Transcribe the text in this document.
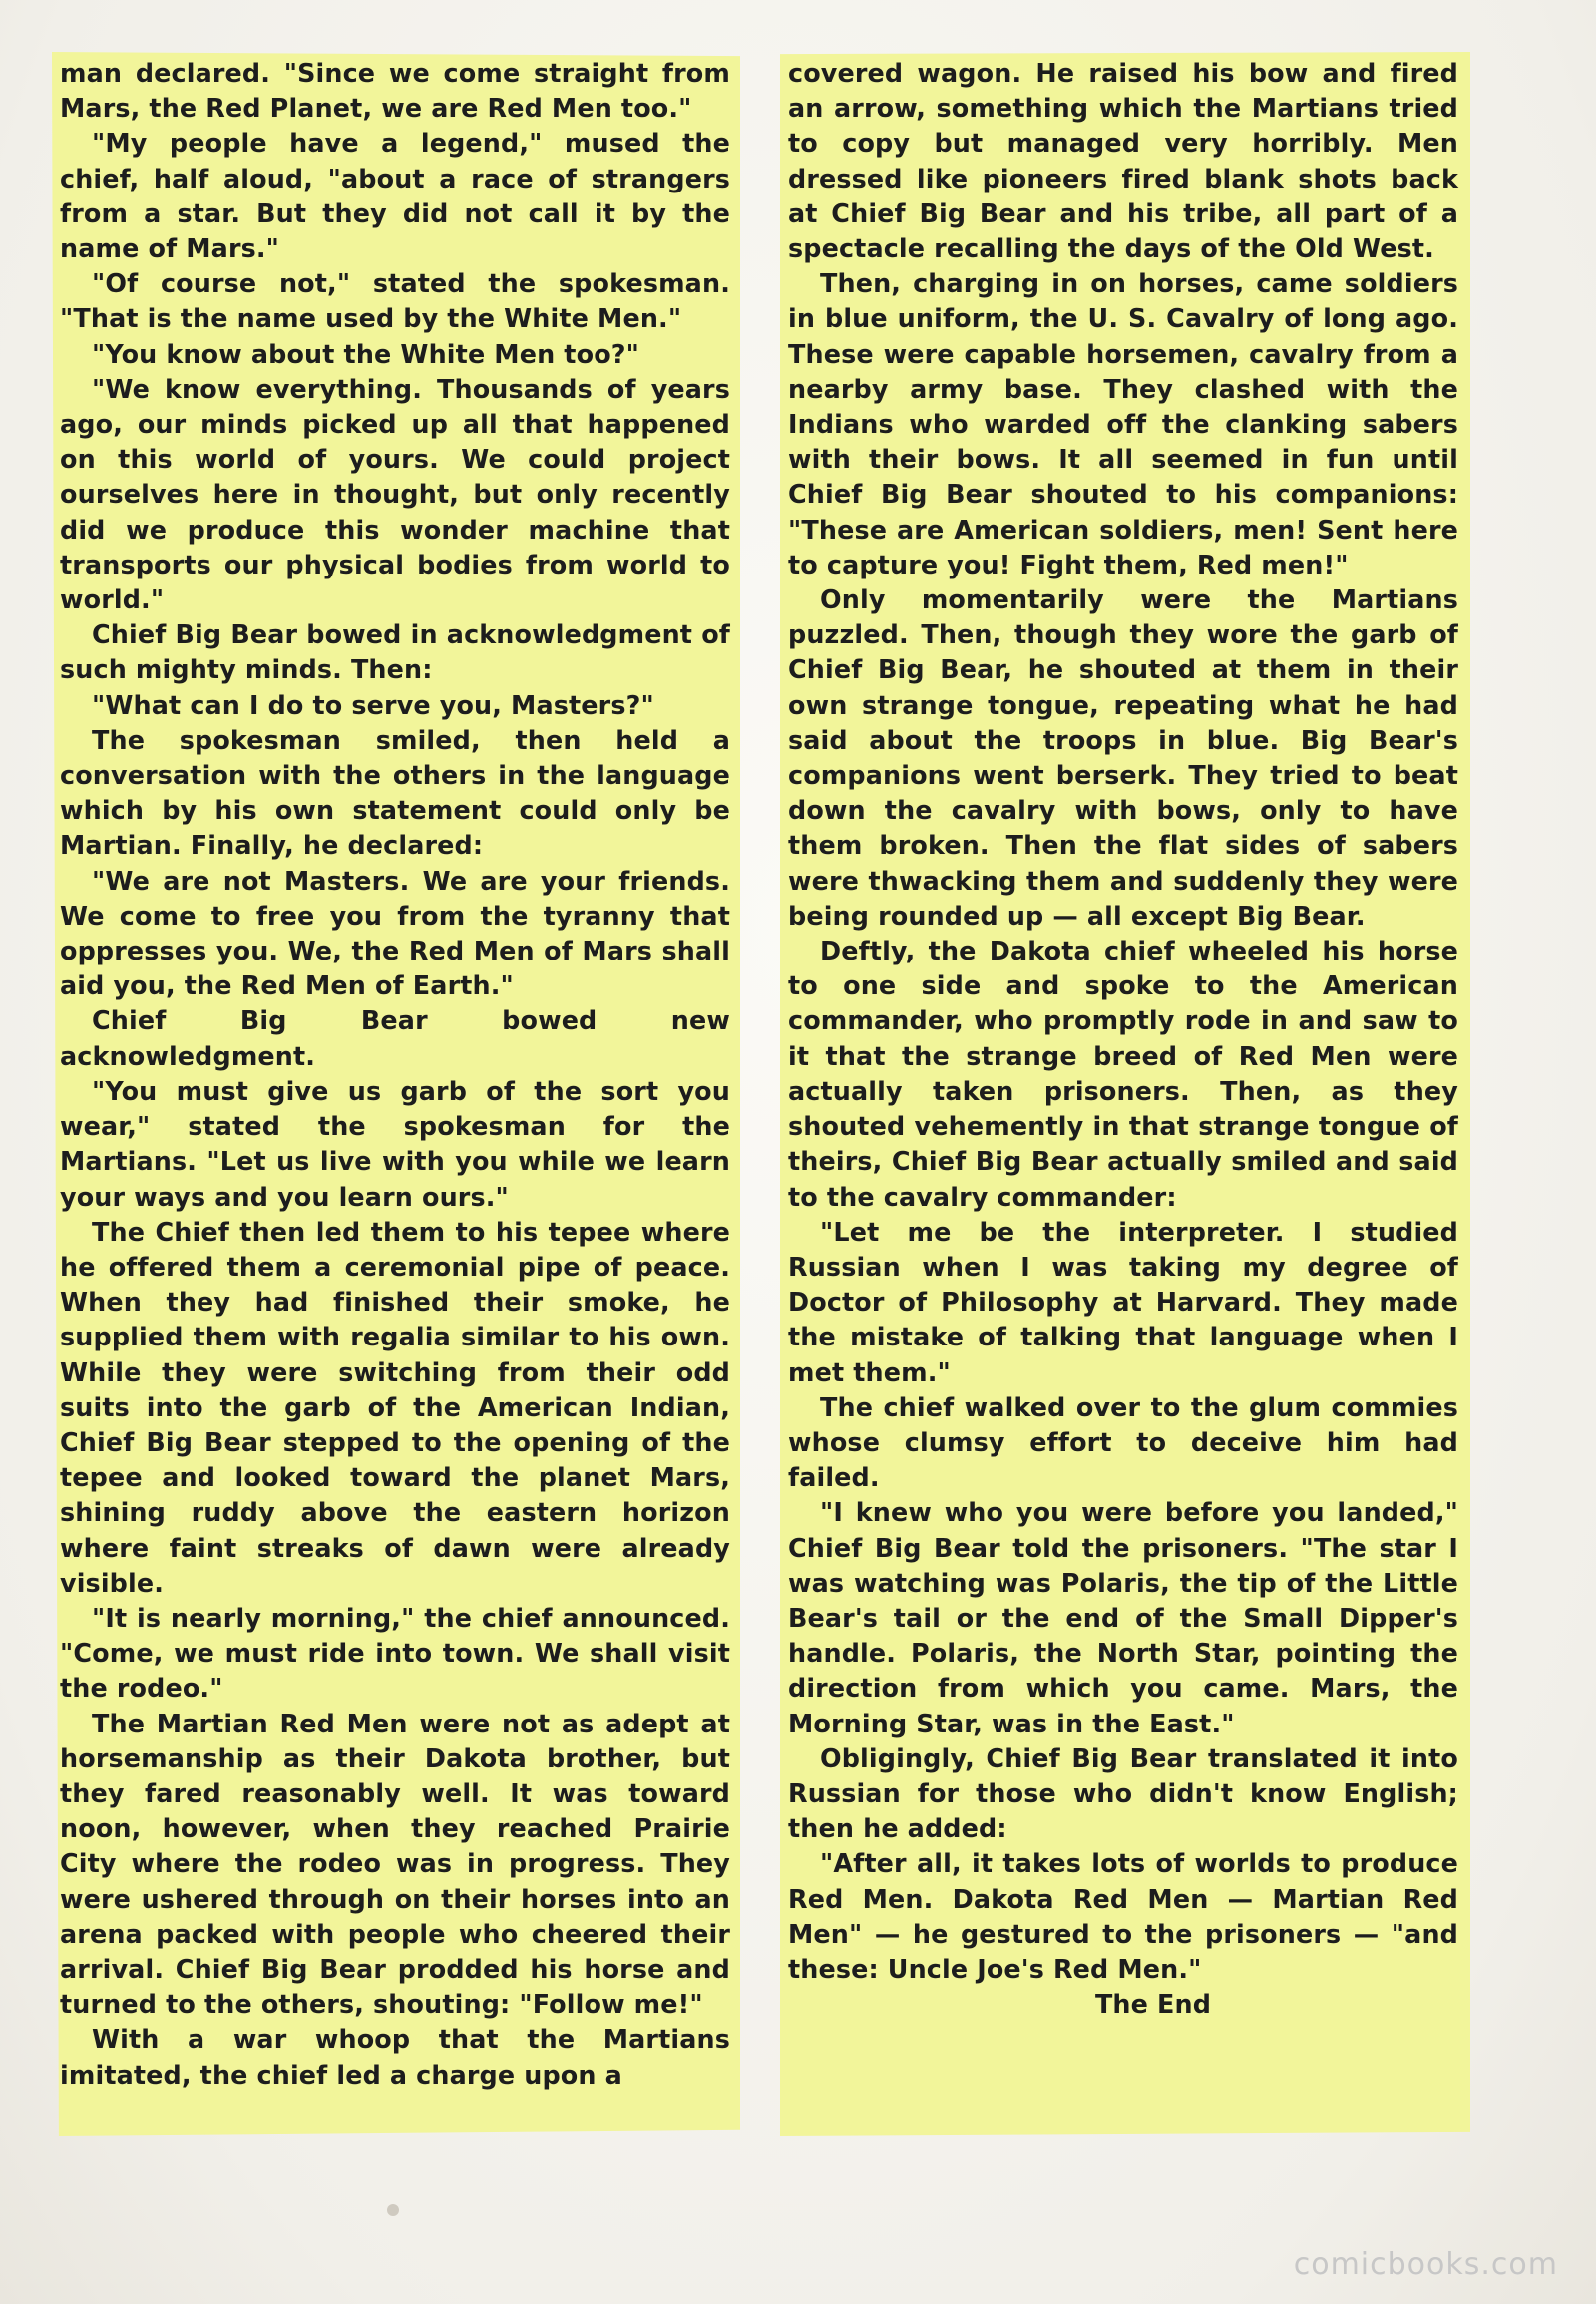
man declared. "Since we come straight from Mars, the Red Planet, we are Red Men too."

"My people have a legend," mused the chief, half aloud, "about a race of strangers from a star. But they did not call it by the name of Mars."

"Of course not," stated the spokesman. "That is the name used by the White Men."

"You know about the White Men too?"

"We know everything. Thousands of years ago, our minds picked up all that happened on this world of yours. We could project ourselves here in thought, but only recently did we produce this wonder machine that transports our physical bodies from world to world."

Chief Big Bear bowed in acknowledgment of such mighty minds. Then:

"What can I do to serve you, Masters?"

The spokesman smiled, then held a conversation with the others in the language which by his own statement could only be Martian. Finally, he declared:

"We are not Masters. We are your friends. We come to free you from the tyranny that oppresses you. We, the Red Men of Mars shall aid you, the Red Men of Earth."

Chief Big Bear bowed new acknowledgment.

"You must give us garb of the sort you wear," stated the spokesman for the Martians. "Let us live with you while we learn your ways and you learn ours."

The Chief then led them to his tepee where he offered them a ceremonial pipe of peace. When they had finished their smoke, he supplied them with regalia similar to his own. While they were switching from their odd suits into the garb of the American Indian, Chief Big Bear stepped to the opening of the tepee and looked toward the planet Mars, shining ruddy above the eastern horizon where faint streaks of dawn were already visible.

"It is nearly morning," the chief announced. "Come, we must ride into town. We shall visit the rodeo."

The Martian Red Men were not as adept at horsemanship as their Dakota brother, but they fared reasonably well. It was toward noon, however, when they reached Prairie City where the rodeo was in progress. They were ushered through on their horses into an arena packed with people who cheered their arrival. Chief Big Bear prodded his horse and turned to the others, shouting: "Follow me!"

With a war whoop that the Martians imitated, the chief led a charge upon a

covered wagon. He raised his bow and fired an arrow, something which the Martians tried to copy but managed very horribly. Men dressed like pioneers fired blank shots back at Chief Big Bear and his tribe, all part of a spectacle recalling the days of the Old West.

Then, charging in on horses, came soldiers in blue uniform, the U. S. Cavalry of long ago. These were capable horsemen, cavalry from a nearby army base. They clashed with the Indians who warded off the clanking sabers with their bows. It all seemed in fun until Chief Big Bear shouted to his companions: "These are American soldiers, men! Sent here to capture you! Fight them, Red men!"

Only momentarily were the Martians puzzled. Then, though they wore the garb of Chief Big Bear, he shouted at them in their own strange tongue, repeating what he had said about the troops in blue. Big Bear's companions went berserk. They tried to beat down the cavalry with bows, only to have them broken. Then the flat sides of sabers were thwacking them and suddenly they were being rounded up — all except Big Bear.

Deftly, the Dakota chief wheeled his horse to one side and spoke to the American commander, who promptly rode in and saw to it that the strange breed of Red Men were actually taken prisoners. Then, as they shouted vehemently in that strange tongue of theirs, Chief Big Bear actually smiled and said to the cavalry commander:

"Let me be the interpreter. I studied Russian when I was taking my degree of Doctor of Philosophy at Harvard. They made the mistake of talking that language when I met them."

The chief walked over to the glum commies whose clumsy effort to deceive him had failed.

"I knew who you were before you landed," Chief Big Bear told the prisoners. "The star I was watching was Polaris, the tip of the Little Bear's tail or the end of the Small Dipper's handle. Polaris, the North Star, pointing the direction from which you came. Mars, the Morning Star, was in the East."

Obligingly, Chief Big Bear translated it into Russian for those who didn't know English; then he added:

"After all, it takes lots of worlds to produce Red Men. Dakota Red Men — Martian Red Men" — he gestured to the prisoners — "and these: Uncle Joe's Red Men."

The End

comicbooks.com
